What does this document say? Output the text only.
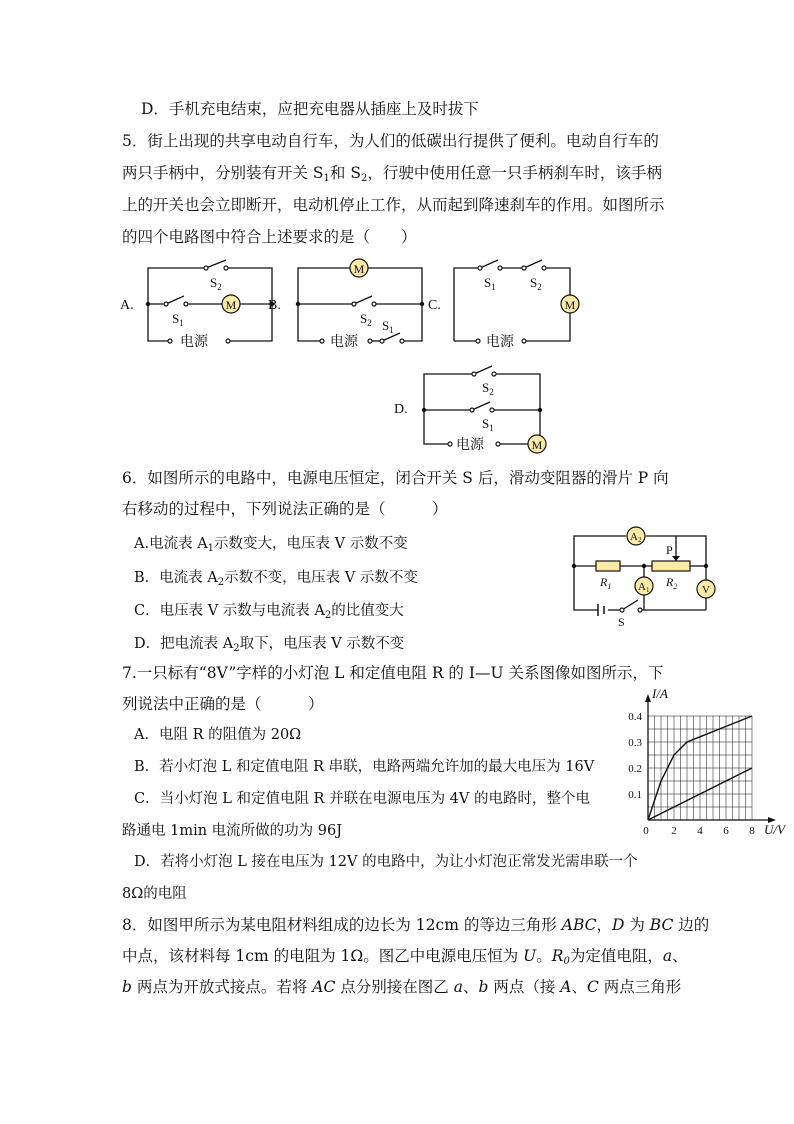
D．手机充电结束，应把充电器从插座上及时拔下
5．街上出现的共享电动自行车，为人们的低碳出行提供了便利。电动自行车的
两只手柄中，分别装有开关 $S_1$和 $S_2$，行驶中使用任意一只手柄刹车时，该手柄
上的开关也会立即断开，电动机停止工作，从而起到降速刹车的作用。如图所示
的四个电路图中符合上述要求的是（　　）
A.	M
$S_2$
$S_1$
电源
B.
M
$S_2$ $S_1$
电源
C.	M
$S_1$	$S_2$
电源
D.
M
$S_2$
$S_1$
电源
6．如图所示的电路中，电源电压恒定，闭合开关 S 后，滑动变阻器的滑片 P 向
右移动的过程中，下列说法正确的是（　　　）
A.电流表 $A_1$示数变大，电压表 V 示数不变
B．电流表 $A_2$示数不变，电压表 V 示数不变
C．电压表 V 示数与电流表 $A_2$的比值变大
D．把电流表 $A_2$取下，电压表 V 示数不变
A2
A1	V
P
$R_1$	$R_2$
S
7.一只标有“8V”字样的小灯泡 L 和定值电阻 R 的 I—U 关系图像如图所示，下
列说法中正确的是（　　　）
A．电阻 R 的阻值为 20Ω
B．若小灯泡 L 和定值电阻 R 串联，电路两端允许加的最大电压为 16V
C．当小灯泡 L 和定值电阻 R 并联在电源电压为 4V 的电路时，整个电
路通电 1min 电流所做的功为 96J
D．若将小灯泡 L 接在电压为 12V 的电路中，为让小灯泡正常发光需串联一个
8Ω的电阻
0.1
0.2
0.3
0.4
0 2 4 6 8
I/A
U/V
8．如图甲所示为某电阻材料组成的边长为 12cm 的等边三角形 ABC，D 为 BC 边的
中点，该材料每 1cm 的电阻为 1Ω。图乙中电源电压恒为 U。$R_0$为定值电阻，a、
b 两点为开放式接点。若将 AC 点分别接在图乙 a、b 两点（接 A、C 两点三角形
